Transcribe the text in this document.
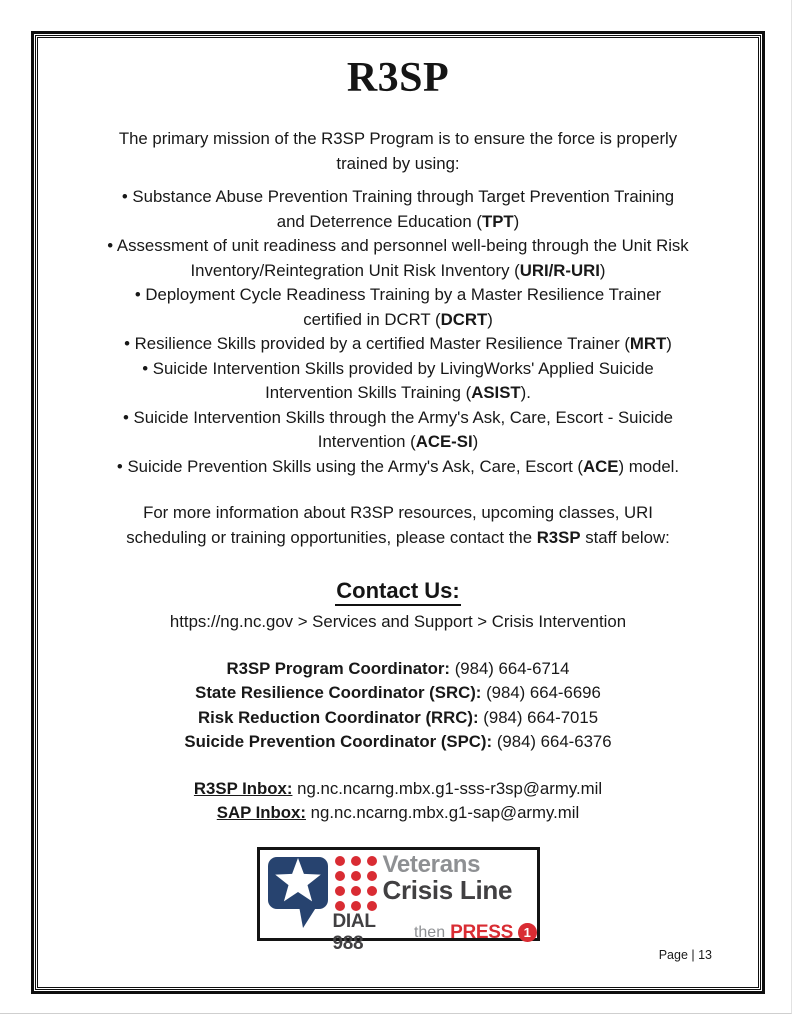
R3SP
The primary mission of the R3SP Program is to ensure the force is properly
trained by using:
• Substance Abuse Prevention Training through Target Prevention Training
and Deterrence Education (TPT)
• Assessment of unit readiness and personnel well-being through the Unit Risk
Inventory/Reintegration Unit Risk Inventory (URI/R-URI)
• Deployment Cycle Readiness Training by a Master Resilience Trainer
certified in DCRT (DCRT)
• Resilience Skills provided by a certified Master Resilience Trainer (MRT)
• Suicide Intervention Skills provided by LivingWorks' Applied Suicide
Intervention Skills Training (ASIST).
• Suicide Intervention Skills through the Army's Ask, Care, Escort - Suicide
Intervention (ACE-SI)
• Suicide Prevention Skills using the Army's Ask, Care, Escort (ACE) model.
For more information about R3SP resources, upcoming classes, URI
scheduling or training opportunities, please contact the R3SP staff below:
Contact Us:
https://ng.nc.gov > Services and Support > Crisis Intervention
R3SP Program Coordinator: (984) 664-6714
State Resilience Coordinator (SRC): (984) 664-6696
Risk Reduction Coordinator (RRC): (984) 664-7015
Suicide Prevention Coordinator (SPC): (984) 664-6376
R3SP Inbox: ng.nc.ncarng.mbx.g1-sss-r3sp@army.mil
SAP Inbox: ng.nc.ncarng.mbx.g1-sap@army.mil
Veterans
Crisis Line
DIAL 988
then PRESS 1
Page | 13
